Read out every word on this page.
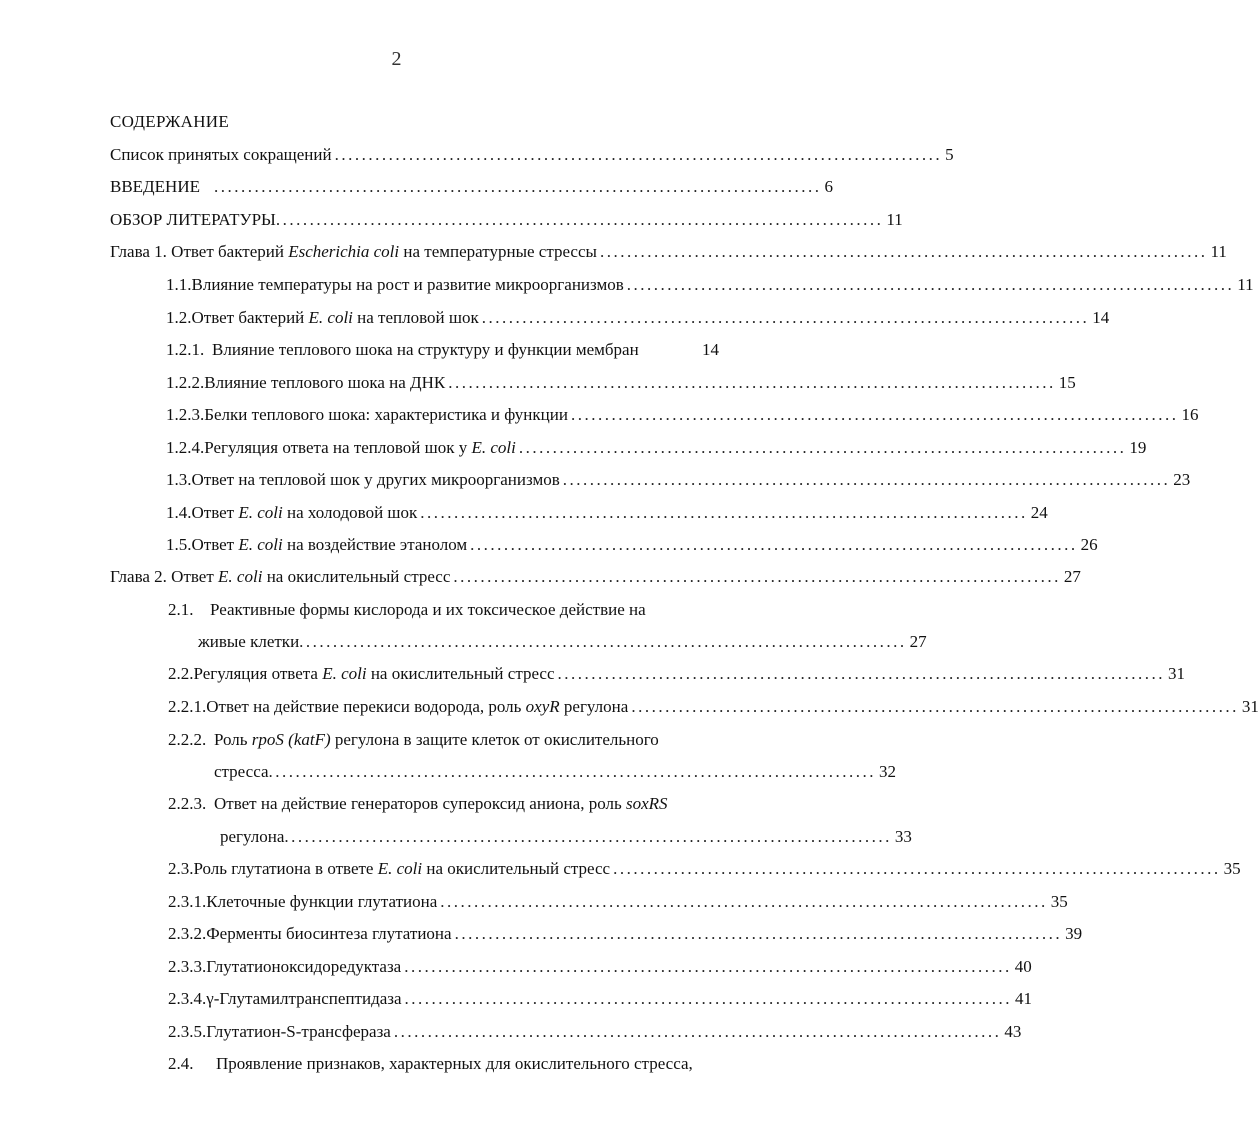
2
СОДЕРЖАНИЕ
Список принятых сокращений .......................................................................................... 5
ВВЕДЕНИЕ .......................................................................................... 6
ОБЗОР ЛИТЕРАТУРЫ .......................................................................................... 11
Глава 1. Ответ бактерий Escherichia coli на температурные стрессы .......................................................................................... 11
1.1. Влияние температуры на рост и развитие микроорганизмов .......................................................................................... 11
1.2. Ответ бактерий E. coli на тепловой шок .......................................................................................... 14
1.2.1. Влияние теплового шока на структуру и функции мембран	14
1.2.2. Влияние теплового шока на ДНК .......................................................................................... 15
1.2.3. Белки теплового шока: характеристика и функции .......................................................................................... 16
1.2.4. Регуляция ответа на тепловой шок у E. coli .......................................................................................... 19
1.3. Ответ на тепловой шок у других микроорганизмов .......................................................................................... 23
1.4. Ответ E. coli на холодовой шок .......................................................................................... 24
1.5. Ответ E. coli на воздействие этанолом .......................................................................................... 26
Глава 2. Ответ E. coli на окислительный стресс .......................................................................................... 27
2.1. Реактивные формы кислорода и их токсическое действие на
живые клетки .......................................................................................... 27
2.2. Регуляция ответа E. coli на окислительный стресс .......................................................................................... 31
2.2.1. Ответ на действие перекиси водорода, роль oxyR регулона .......................................................................................... 31
2.2.2. Роль rpoS (katF) регулона в защите клеток от окислительного
стресса .......................................................................................... 32
2.2.3. Ответ на действие генераторов супероксид аниона, роль soxRS
регулона .......................................................................................... 33
2.3. Роль глутатиона в ответе E. coli на окислительный стресс .......................................................................................... 35
2.3.1. Клеточные функции глутатиона .......................................................................................... 35
2.3.2. Ферменты биосинтеза глутатиона .......................................................................................... 39
2.3.3. Глутатионоксидоредуктаза .......................................................................................... 40
2.3.4. γ-Глутамилтранспептидаза .......................................................................................... 41
2.3.5. Глутатион-S-трансфераза .......................................................................................... 43
2.4. Проявление признаков, характерных для окислительного стресса,
